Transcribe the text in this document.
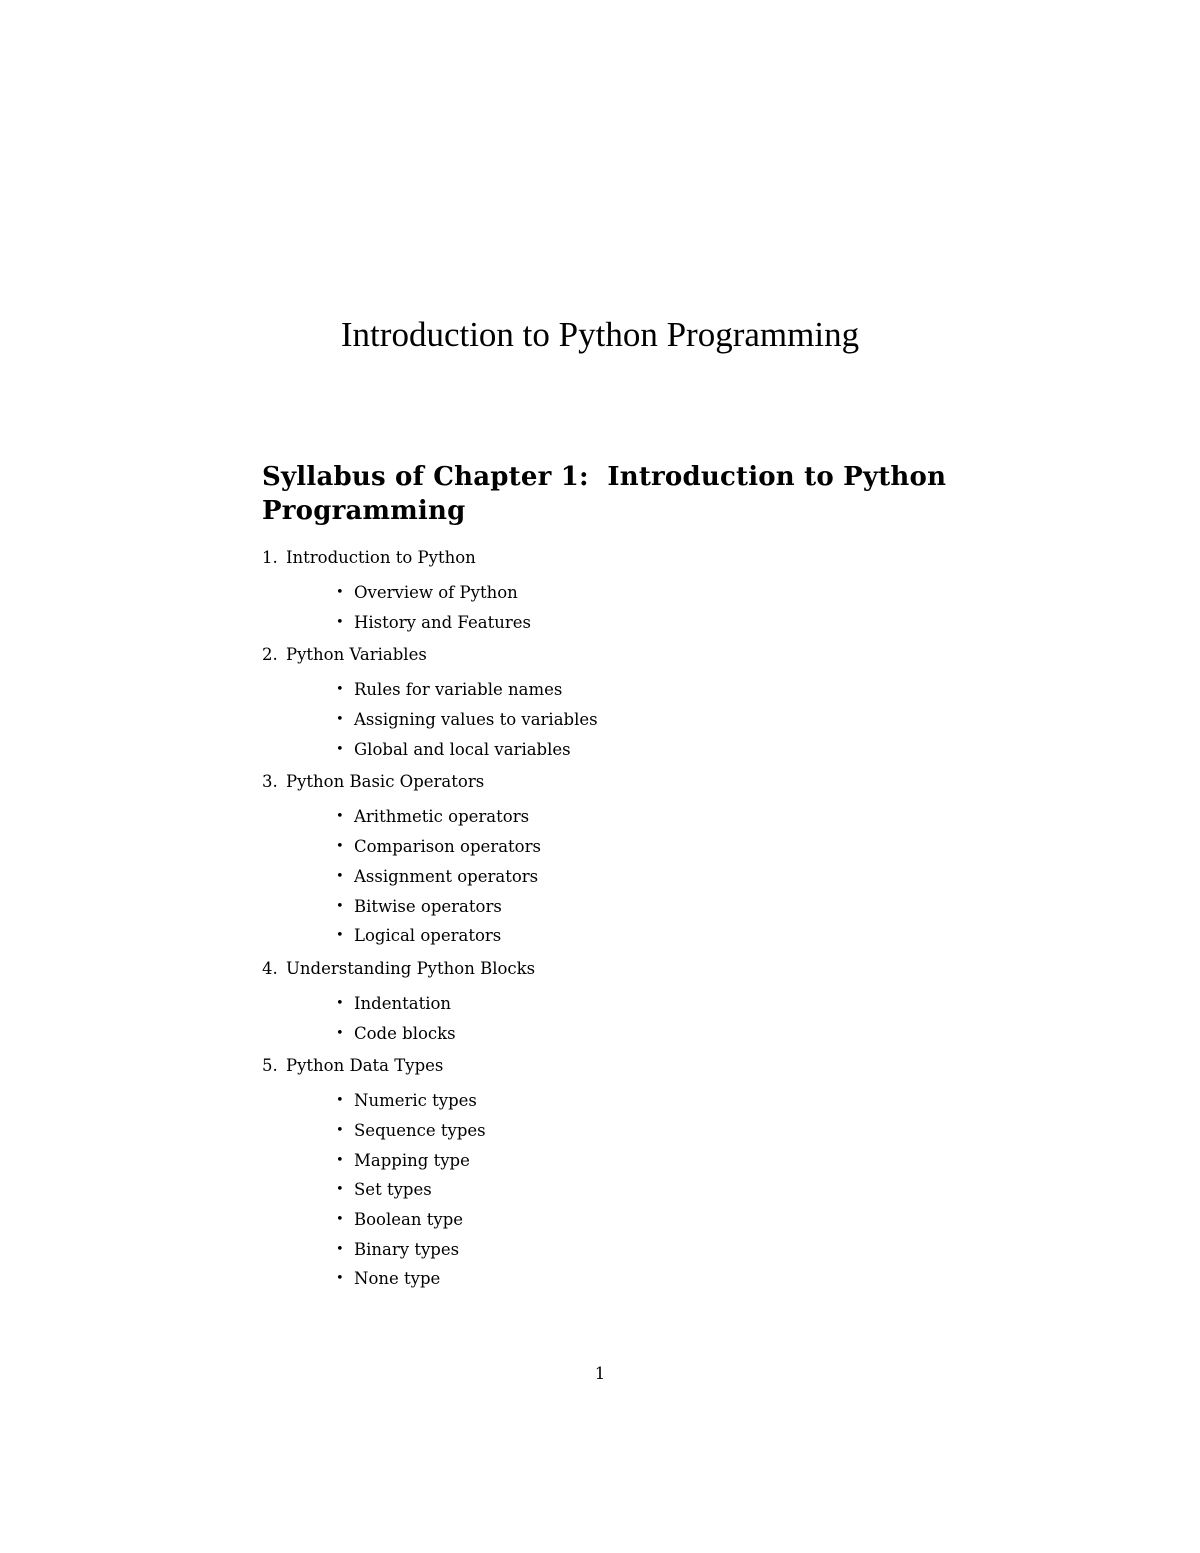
Introduction to Python Programming
Syllabus of Chapter 1:  Introduction to Python
Programming
1. Introduction to Python
• Overview of Python
• History and Features
2. Python Variables
• Rules for variable names
• Assigning values to variables
• Global and local variables
3. Python Basic Operators
• Arithmetic operators
• Comparison operators
• Assignment operators
• Bitwise operators
• Logical operators
4. Understanding Python Blocks
• Indentation
• Code blocks
5. Python Data Types
• Numeric types
• Sequence types
• Mapping type
• Set types
• Boolean type
• Binary types
• None type
1
